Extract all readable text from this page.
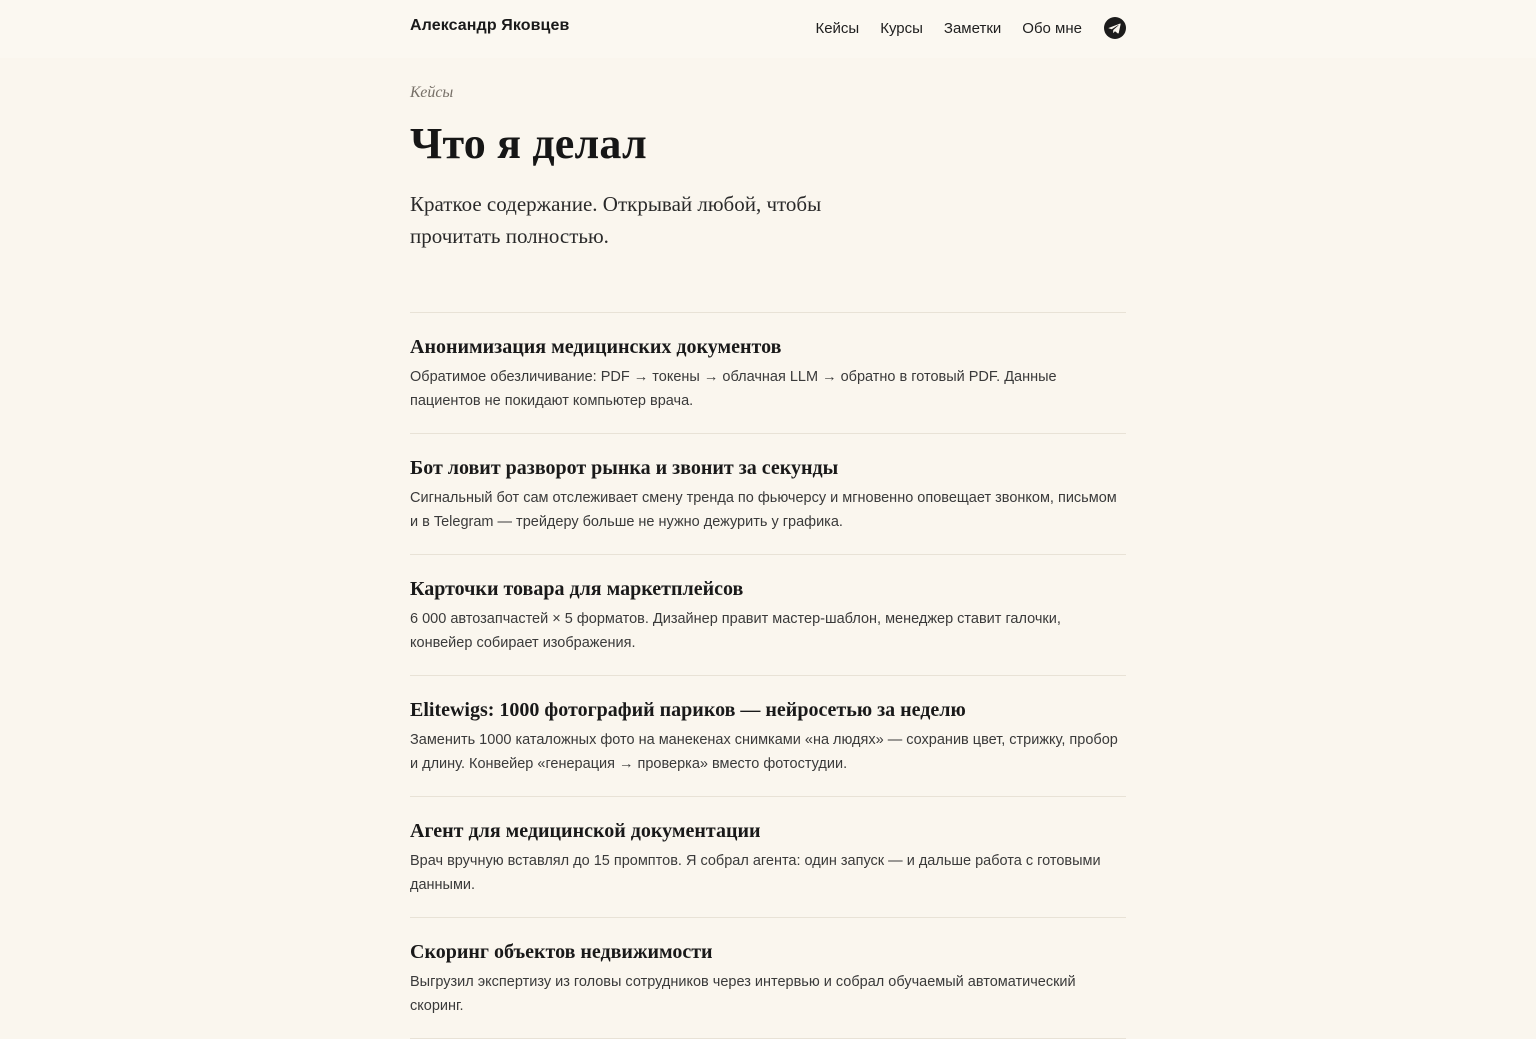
Александр Яковцев	Кейсы Курсы Заметки Обо мне

Кейсы

Что я делал

Краткое содержание. Открывай любой, чтобы прочитать полностью.

Анонимизация медицинских документов

Обратимое обезличивание: PDF → токены → облачная LLM → обратно в готовый PDF. Данные пациентов не покидают компьютер врача.

Бот ловит разворот рынка и звонит за секунды

Сигнальный бот сам отслеживает смену тренда по фьючерсу и мгновенно оповещает звонком, письмом и в Telegram — трейдеру больше не нужно дежурить у графика.

Карточки товара для маркетплейсов

6 000 автозапчастей × 5 форматов. Дизайнер правит мастер-шаблон, менеджер ставит галочки, конвейер собирает изображения.

Elitewigs: 1000 фотографий париков — нейросетью за неделю

Заменить 1000 каталожных фото на манекенах снимками «на людях» — сохранив цвет, стрижку, пробор и длину. Конвейер «генерация → проверка» вместо фотостудии.

Агент для медицинской документации

Врач вручную вставлял до 15 промптов. Я собрал агента: один запуск — и дальше работа с готовыми данными.

Скоринг объектов недвижимости

Выгрузил экспертизу из головы сотрудников через интервью и собрал обучаемый автоматический скоринг.
